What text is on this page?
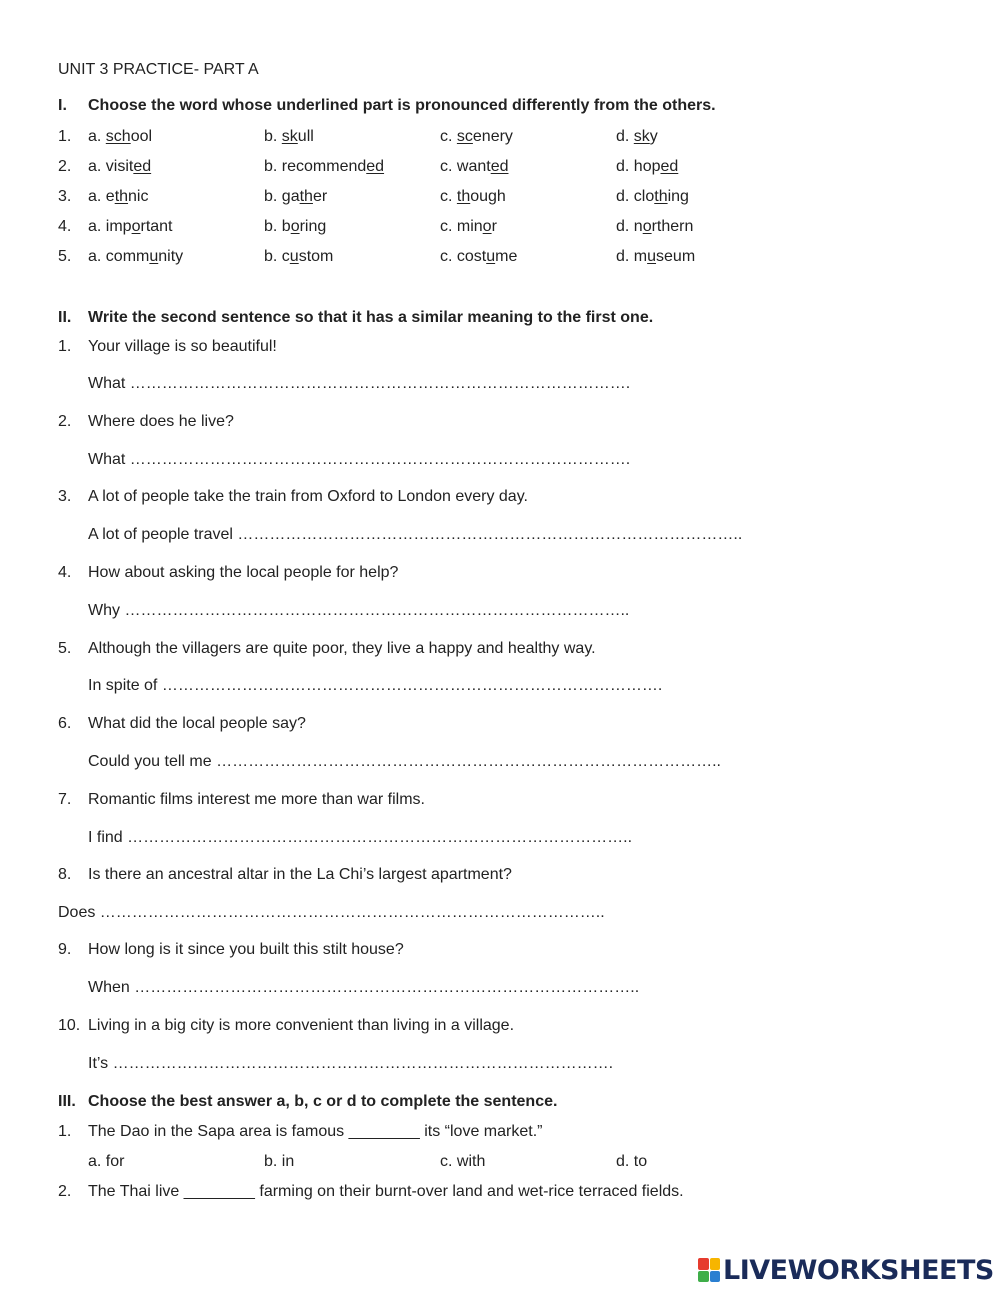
UNIT 3 PRACTICE- PART A
I. Choose the word whose underlined part is pronounced differently from the others.
1. a. school	b. skull	c. scenery	d. sky
2. a. visited	b. recommended	c. wanted	d. hoped
3. a. ethnic	b. gather	c. though	d. clothing
4. a. important	b. boring	c. minor	d. northern
5. a. community	b. custom	c. costume	d. museum
II. Write the second sentence so that it has a similar meaning to the first one.
1. Your village is so beautiful!
What ………………………………………………………………………………….
2. Where does he live?
What ………………………………………………………………………………….
3. A lot of people take the train from Oxford to London every day.
A lot of people travel …………………………………………………………………………………..
4. How about asking the local people for help?
Why …………………………………………………………………………………..
5. Although the villagers are quite poor, they live a happy and healthy way.
In spite of ………………………………………………………………………………….
6. What did the local people say?
Could you tell me …………………………………………………………………………………..
7. Romantic films interest me more than war films.
I find …………………………………………………………………………………..
8. Is there an ancestral altar in the La Chi’s largest apartment?
Does …………………………………………………………………………………..
9. How long is it since you built this stilt house?
When …………………………………………………………………………………..
10. Living in a big city is more convenient than living in a village.
It’s ………………………………………………………………………………….
III. Choose the best answer a, b, c or d to complete the sentence.
1. The Dao in the Sapa area is famous ________ its “love market.”
a. for	b. in	c. with	d. to
2. The Thai live ________ farming on their burnt-over land and wet-rice terraced fields.
LIVEWORKSHEETS
